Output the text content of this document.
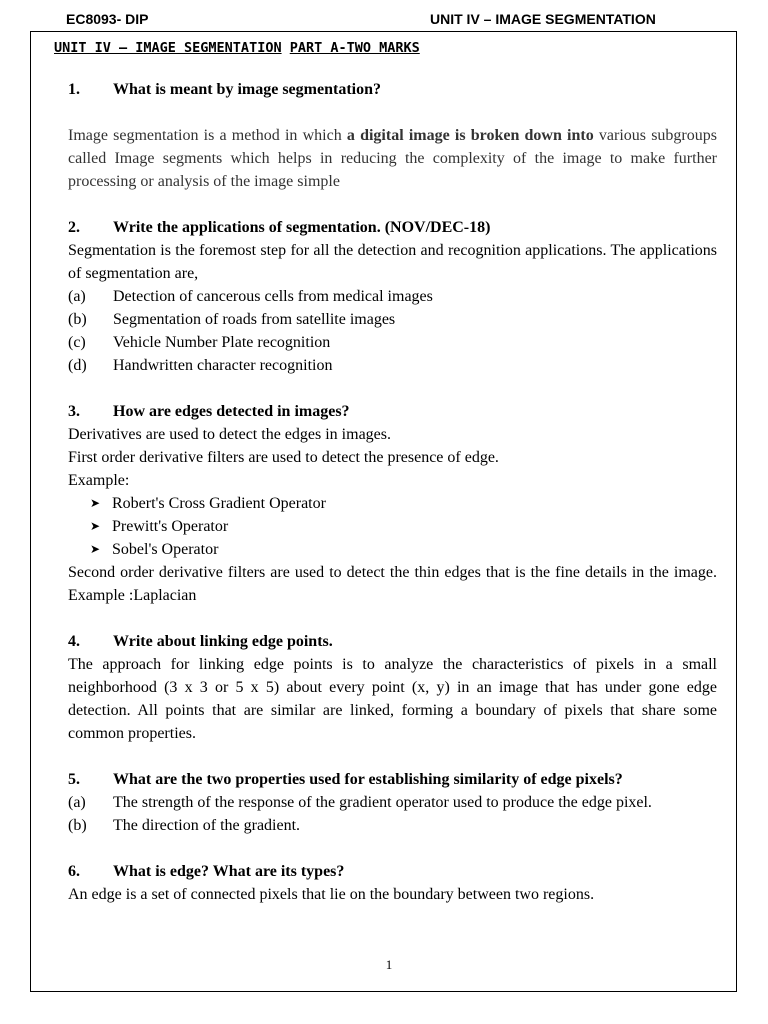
EC8093- DIP	UNIT IV – IMAGE SEGMENTATION
UNIT IV – IMAGE SEGMENTATION PART A-TWO MARKS
1.	What is meant by image segmentation?

Image segmentation is a method in which a digital image is broken down into various subgroups called Image segments which helps in reducing the complexity of the image to make further processing or analysis of the image simple

2.	Write the applications of segmentation. (NOV/DEC-18)

Segmentation is the foremost step for all the detection and recognition applications. The applications of segmentation are,

(a)	Detection of cancerous cells from medical images
(b)	Segmentation of roads from satellite images
(c)	Vehicle Number Plate recognition
(d)	Handwritten character recognition
3.	How are edges detected in images?

Derivatives are used to detect the edges in images.

First order derivative filters are used to detect the presence of edge.

Example:

➤ Robert's Cross Gradient Operator
➤ Prewitt's Operator
➤ Sobel's Operator

Second order derivative filters are used to detect the thin edges that is the fine details in the image. Example :Laplacian

4.	Write about linking edge points.

The approach for linking edge points is to analyze the characteristics of pixels in a small neighborhood (3 x 3 or 5 x 5) about every point (x, y) in an image that has under gone edge detection. All points that are similar are linked, forming a boundary of pixels that share some common properties.

5.	What are the two properties used for establishing similarity of edge pixels?
(a)	The strength of the response of the gradient operator used to produce the edge pixel.
(b)	The direction of the gradient.
6.	What is edge? What are its types?

An edge is a set of connected pixels that lie on the boundary between two regions.

1
